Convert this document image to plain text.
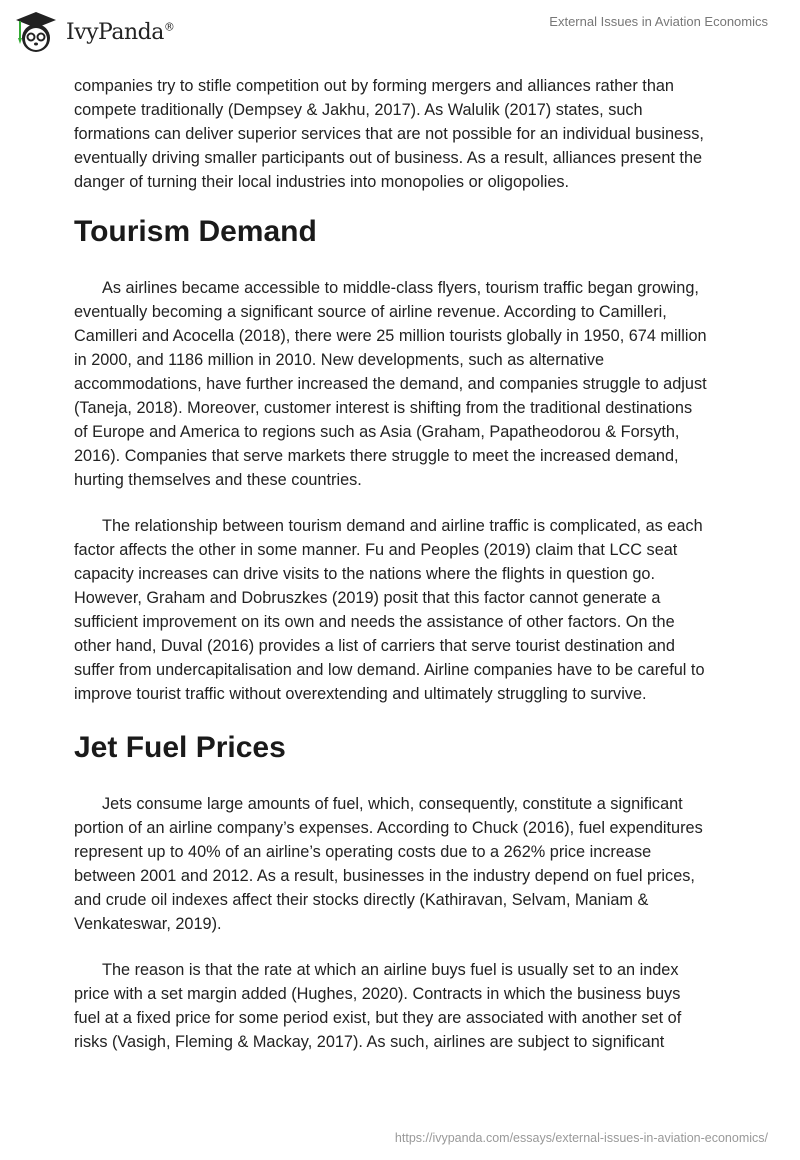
IvyPanda®	External Issues in Aviation Economics
companies try to stifle competition out by forming mergers and alliances rather than
compete traditionally (Dempsey & Jakhu, 2017). As Walulik (2017) states, such
formations can deliver superior services that are not possible for an individual business,
eventually driving smaller participants out of business. As a result, alliances present the
danger of turning their local industries into monopolies or oligopolies.
Tourism Demand
As airlines became accessible to middle-class flyers, tourism traffic began growing,
eventually becoming a significant source of airline revenue. According to Camilleri,
Camilleri and Acocella (2018), there were 25 million tourists globally in 1950, 674 million
in 2000, and 1186 million in 2010. New developments, such as alternative
accommodations, have further increased the demand, and companies struggle to adjust
(Taneja, 2018). Moreover, customer interest is shifting from the traditional destinations
of Europe and America to regions such as Asia (Graham, Papatheodorou & Forsyth,
2016). Companies that serve markets there struggle to meet the increased demand,
hurting themselves and these countries.
The relationship between tourism demand and airline traffic is complicated, as each
factor affects the other in some manner. Fu and Peoples (2019) claim that LCC seat
capacity increases can drive visits to the nations where the flights in question go.
However, Graham and Dobruszkes (2019) posit that this factor cannot generate a
sufficient improvement on its own and needs the assistance of other factors. On the
other hand, Duval (2016) provides a list of carriers that serve tourist destination and
suffer from undercapitalisation and low demand. Airline companies have to be careful to
improve tourist traffic without overextending and ultimately struggling to survive.
Jet Fuel Prices
Jets consume large amounts of fuel, which, consequently, constitute a significant
portion of an airline company’s expenses. According to Chuck (2016), fuel expenditures
represent up to 40% of an airline’s operating costs due to a 262% price increase
between 2001 and 2012. As a result, businesses in the industry depend on fuel prices,
and crude oil indexes affect their stocks directly (Kathiravan, Selvam, Maniam &
Venkateswar, 2019).
The reason is that the rate at which an airline buys fuel is usually set to an index
price with a set margin added (Hughes, 2020). Contracts in which the business buys
fuel at a fixed price for some period exist, but they are associated with another set of
risks (Vasigh, Fleming & Mackay, 2017). As such, airlines are subject to significant
https://ivypanda.com/essays/external-issues-in-aviation-economics/
